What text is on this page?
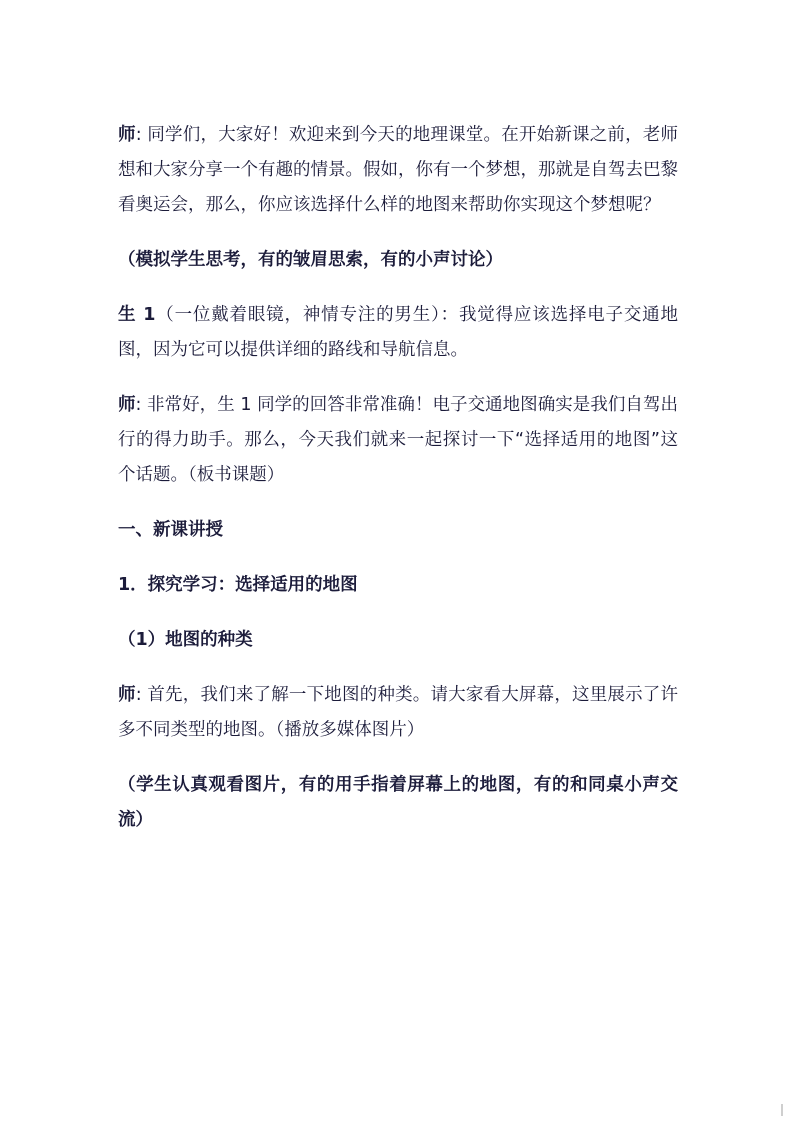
师: 同学们，大家好！欢迎来到今天的地理课堂。在开始新课之前，老师想和大家分享一个有趣的情景。假如，你有一个梦想，那就是自驾去巴黎看奥运会，那么，你应该选择什么样的地图来帮助你实现这个梦想呢？

（模拟学生思考，有的皱眉思索，有的小声讨论）

生 1（一位戴着眼镜，神情专注的男生）：我觉得应该选择电子交通地图，因为它可以提供详细的路线和导航信息。

师: 非常好，生 1 同学的回答非常准确！电子交通地图确实是我们自驾出行的得力助手。那么，今天我们就来一起探讨一下“选择适用的地图”这个话题。（板书课题）

一、新课讲授

1．探究学习：选择适用的地图

（1）地图的种类

师: 首先，我们来了解一下地图的种类。请大家看大屏幕，这里展示了许多不同类型的地图。（播放多媒体图片）

（学生认真观看图片，有的用手指着屏幕上的地图，有的和同桌小声交流）
